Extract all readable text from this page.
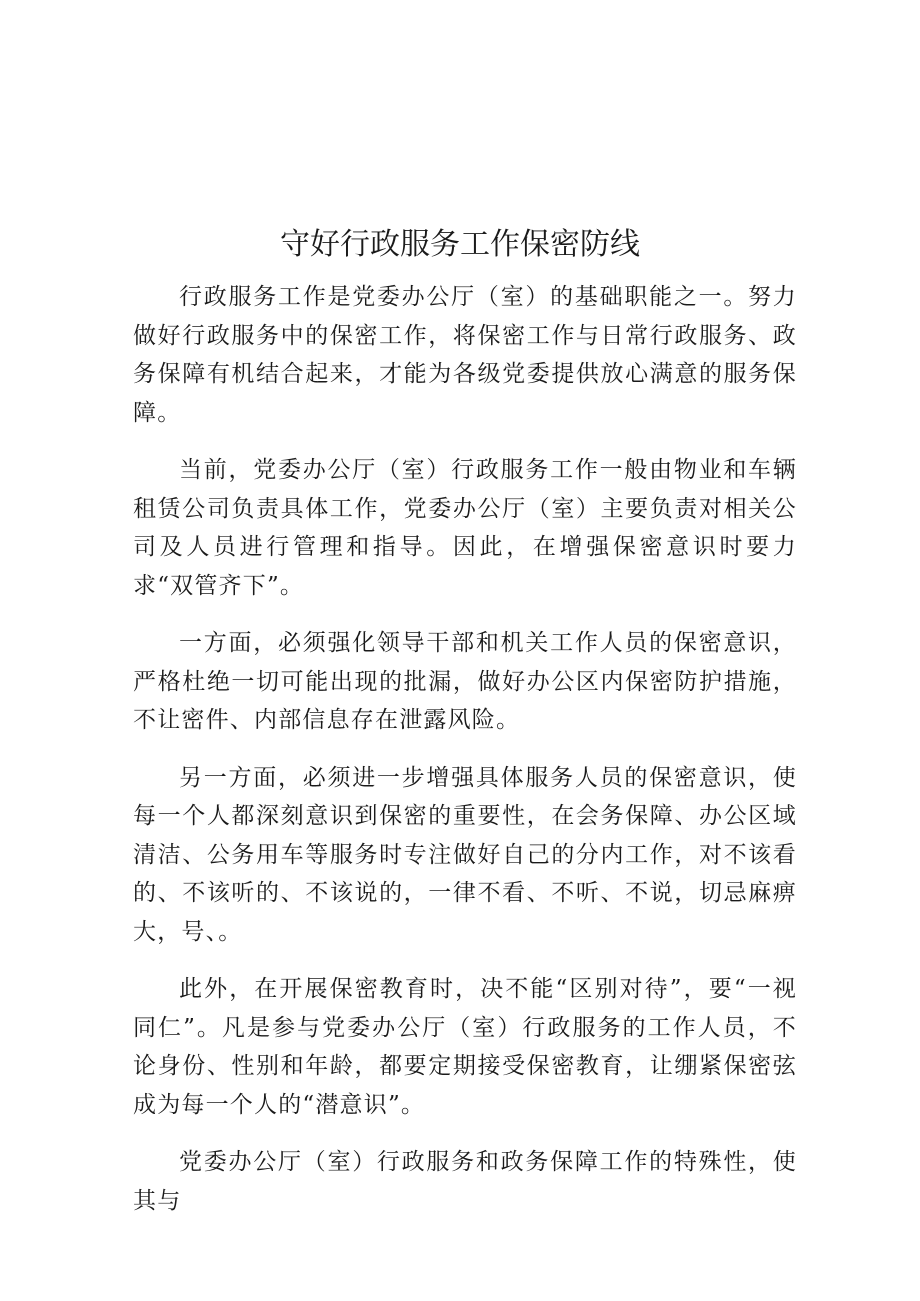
守好行政服务工作保密防线

行政服务工作是党委办公厅（室）的基础职能之一。努力做好行政服务中的保密工作，将保密工作与日常行政服务、政务保障有机结合起来，才能为各级党委提供放心满意的服务保障。

当前，党委办公厅（室）行政服务工作一般由物业和车辆租赁公司负责具体工作，党委办公厅（室）主要负责对相关公司及人员进行管理和指导。因此，在增强保密意识时要力求“双管齐下”。

一方面，必须强化领导干部和机关工作人员的保密意识，严格杜绝一切可能出现的批漏，做好办公区内保密防护措施，不让密件、内部信息存在泄露风险。

另一方面，必须进一步增强具体服务人员的保密意识，使每一个人都深刻意识到保密的重要性，在会务保障、办公区域清洁、公务用车等服务时专注做好自己的分内工作，对不该看的、不该听的、不该说的，一律不看、不听、不说，切忌麻痹大，号、。

此外，在开展保密教育时，决不能“区别对待”，要“一视同仁”。凡是参与党委办公厅（室）行政服务的工作人员，不论身份、性别和年龄，都要定期接受保密教育，让绷紧保密弦成为每一个人的“潜意识”。

党委办公厅（室）行政服务和政务保障工作的特殊性，使其与
